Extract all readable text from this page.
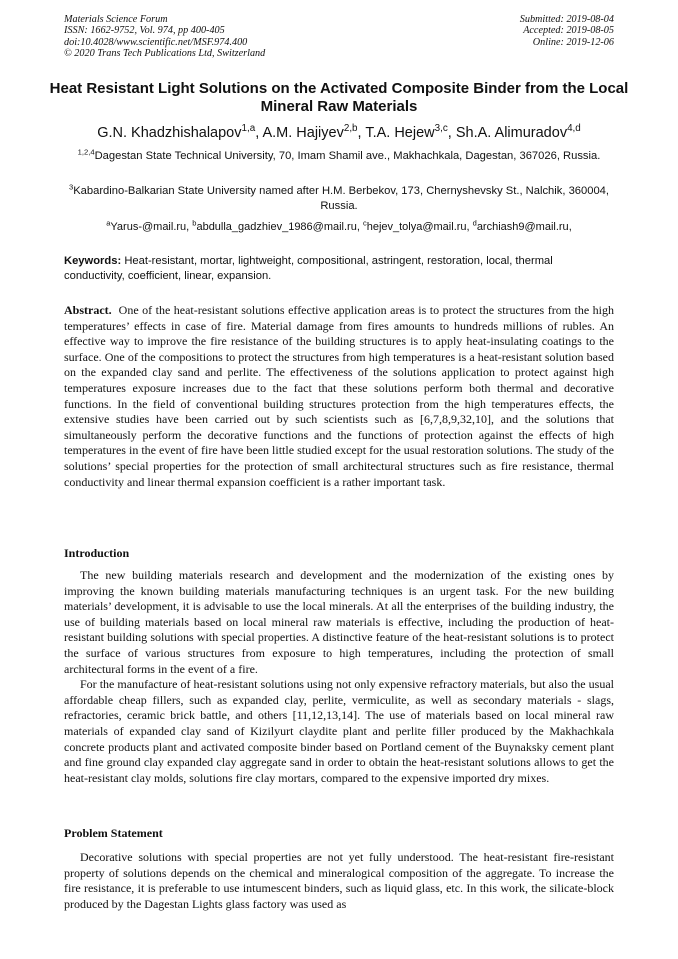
Materials Science Forum
ISSN: 1662-9752, Vol. 974, pp 400-405
doi:10.4028/www.scientific.net/MSF.974.400
© 2020 Trans Tech Publications Ltd, Switzerland
Submitted: 2019-08-04
Accepted: 2019-08-05
Online: 2019-12-06
Heat Resistant Light Solutions on the Activated Composite Binder from the Local Mineral Raw Materials
G.N. Khadzhishalapov$^{1,a}$, A.M. Hajiyev$^{2,b}$, T.A. Hejew$^{3,c}$, Sh.A. Alimuradov$^{4,d}$

$^{1,2,4}$Dagestan State Technical University, 70, Imam Shamil ave., Makhachkala, Dagestan, 367026, Russia.

$^3$Kabardino-Balkarian State University named after H.M. Berbekov, 173, Chernyshevsky St., Nalchik, 360004, Russia.

$^a$Yarus-@mail.ru, $^b$abdulla_gadzhiev_1986@mail.ru, $^c$hejev_tolya@mail.ru, $^d$archiash9@mail.ru,

Keywords: Heat-resistant, mortar, lightweight, compositional, astringent, restoration, local, thermal conductivity, coefficient, linear, expansion.

Abstract. One of the heat-resistant solutions effective application areas is to protect the structures from the high temperatures’ effects in case of fire. Material damage from fires amounts to hundreds millions of rubles. An effective way to improve the fire resistance of the building structures is to apply heat-insulating coatings to the surface. One of the compositions to protect the structures from high temperatures is a heat-resistant solution based on the expanded clay sand and perlite. The effectiveness of the solutions application to protect against high temperatures exposure increases due to the fact that these solutions perform both thermal and decorative functions. In the field of conventional building structures protection from the high temperatures effects, the extensive studies have been carried out by such scientists such as [6,7,8,9,32,10], and the solutions that simultaneously perform the decorative functions and the functions of protection against the effects of high temperatures in the event of fire have been little studied except for the usual restoration solutions. The study of the solutions’ special properties for the protection of small architectural structures such as fire resistance, thermal conductivity and linear thermal expansion coefficient is a rather important task.

Introduction

The new building materials research and development and the modernization of the existing ones by improving the known building materials manufacturing techniques is an urgent task. For the new building materials’ development, it is advisable to use the local minerals. At all the enterprises of the building industry, the use of building materials based on local mineral raw materials is effective, including the production of heat-resistant building solutions with special properties. A distinctive feature of the heat-resistant solutions is to protect the surface of various structures from exposure to high temperatures, including the protection of small architectural forms in the event of a fire.

For the manufacture of heat-resistant solutions using not only expensive refractory materials, but also the usual affordable cheap fillers, such as expanded clay, perlite, vermiculite, as well as secondary materials - slags, refractories, ceramic brick battle, and others [11,12,13,14]. The use of materials based on local mineral raw materials of expanded clay sand of Kizilyurt claydite plant and perlite filler produced by the Makhachkala concrete products plant and activated composite binder based on Portland cement of the Buynaksky cement plant and fine ground clay expanded clay aggregate sand in order to obtain the heat-resistant solutions allows to get the heat-resistant clay molds, solutions fire clay mortars, compared to the expensive imported dry mixes.

Problem Statement

Decorative solutions with special properties are not yet fully understood. The heat-resistant fire-resistant property of solutions depends on the chemical and mineralogical composition of the aggregate. To increase the fire resistance, it is preferable to use intumescent binders, such as liquid glass, etc. In this work, the silicate-block produced by the Dagestan Lights glass factory was used as
